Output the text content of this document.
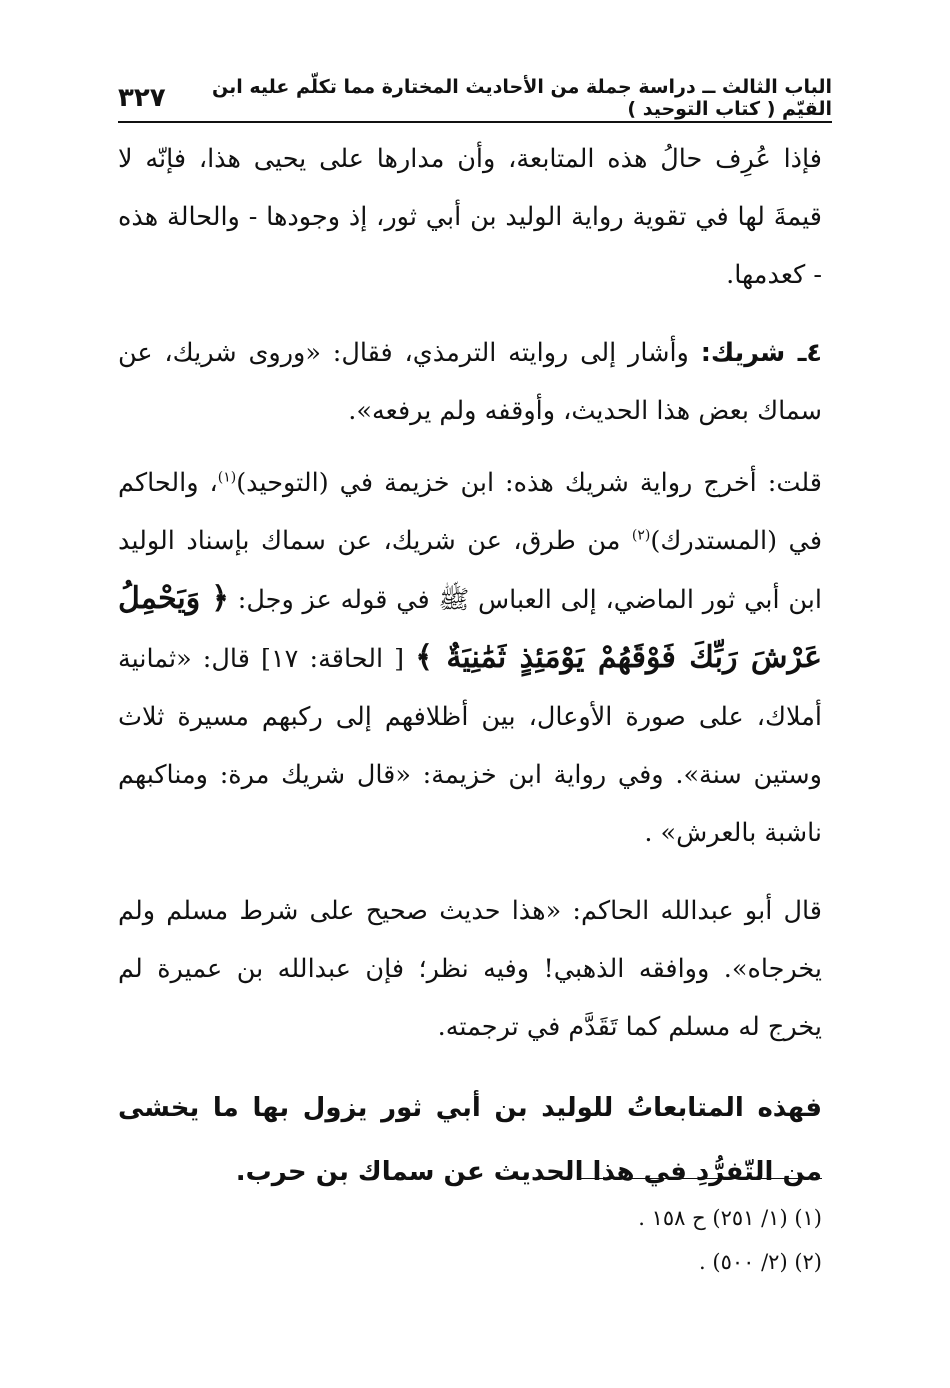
الباب الثالث ــ دراسة جملة من الأحاديث المختارة مما تكلّم عليه ابن القيّم ( كتاب التوحيد )
٣٢٧

فإذا عُرِف حالُ هذه المتابعة، وأن مدارها على يحيى هذا، فإنّه لا قيمةَ لها في تقوية رواية الوليد بن أبي ثور، إذ وجودها - والحالة هذه - كعدمها.

٤ـ شريك: وأشار إلى روايته الترمذي، فقال: «وروى شريك، عن سماك بعض هذا الحديث، وأوقفه ولم يرفعه».

قلت: أخرج رواية شريك هذه: ابن خزيمة في (التوحيد)$^{(١)}$، والحاكم في (المستدرك)$^{(٢)}$ من طرق، عن شريك، عن سماك بإسناد الوليد ابن أبي ثور الماضي، إلى العباس ﷺ في قوله عز وجل: ﴿ وَيَحْمِلُ عَرْشَ رَبِّكَ فَوْقَهُمْ يَوْمَئِذٍ ثَمَٰنِيَةٌ ﴾ [ الحاقة: ١٧] قال: «ثمانية أملاك، على صورة الأوعال، بين أظلافهم إلى ركبهم مسيرة ثلاث وستين سنة». وفي رواية ابن خزيمة: «قال شريك مرة: ومناكبهم ناشبة بالعرش» .

قال أبو عبدالله الحاكم: «هذا حديث صحيح على شرط مسلم ولم يخرجاه». ووافقه الذهبي! وفيه نظر؛ فإن عبدالله بن عميرة لم يخرج له مسلم كما تَقَدَّم في ترجمته.

فهذه المتابعاتُ للوليد بن أبي ثور يزول بها ما يخشى من التّفرُّدِ في هذا الحديث عن سماك بن حرب.

(١) (١/ ٢٥١) ح ١٥٨ .
(٢) (٢/ ٥٠٠) .
